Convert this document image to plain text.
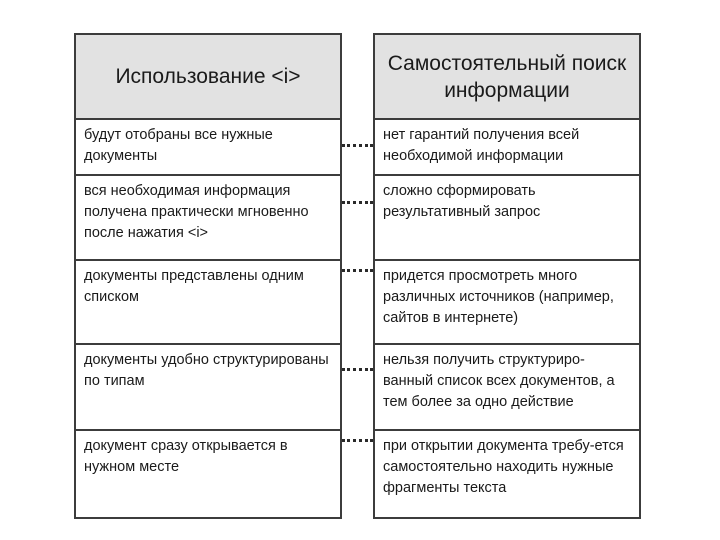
Использование <i>
будут отобраны все нужные документы
вся необходимая информация получена практически мгновенно после нажатия <i>
документы представлены одним списком
документы удобно структурированы по типам
документ сразу открывается в нужном месте
Самостоятельный поиск информации
нет гарантий получения всей необходимой информации
сложно сформировать результативный запрос
придется просмотреть много различных источников (например, сайтов в интернете)
нельзя получить структуриро-ванный список всех документов, а тем более за одно действие
при открытии документа требу-ется самостоятельно находить нужные фрагменты текста
